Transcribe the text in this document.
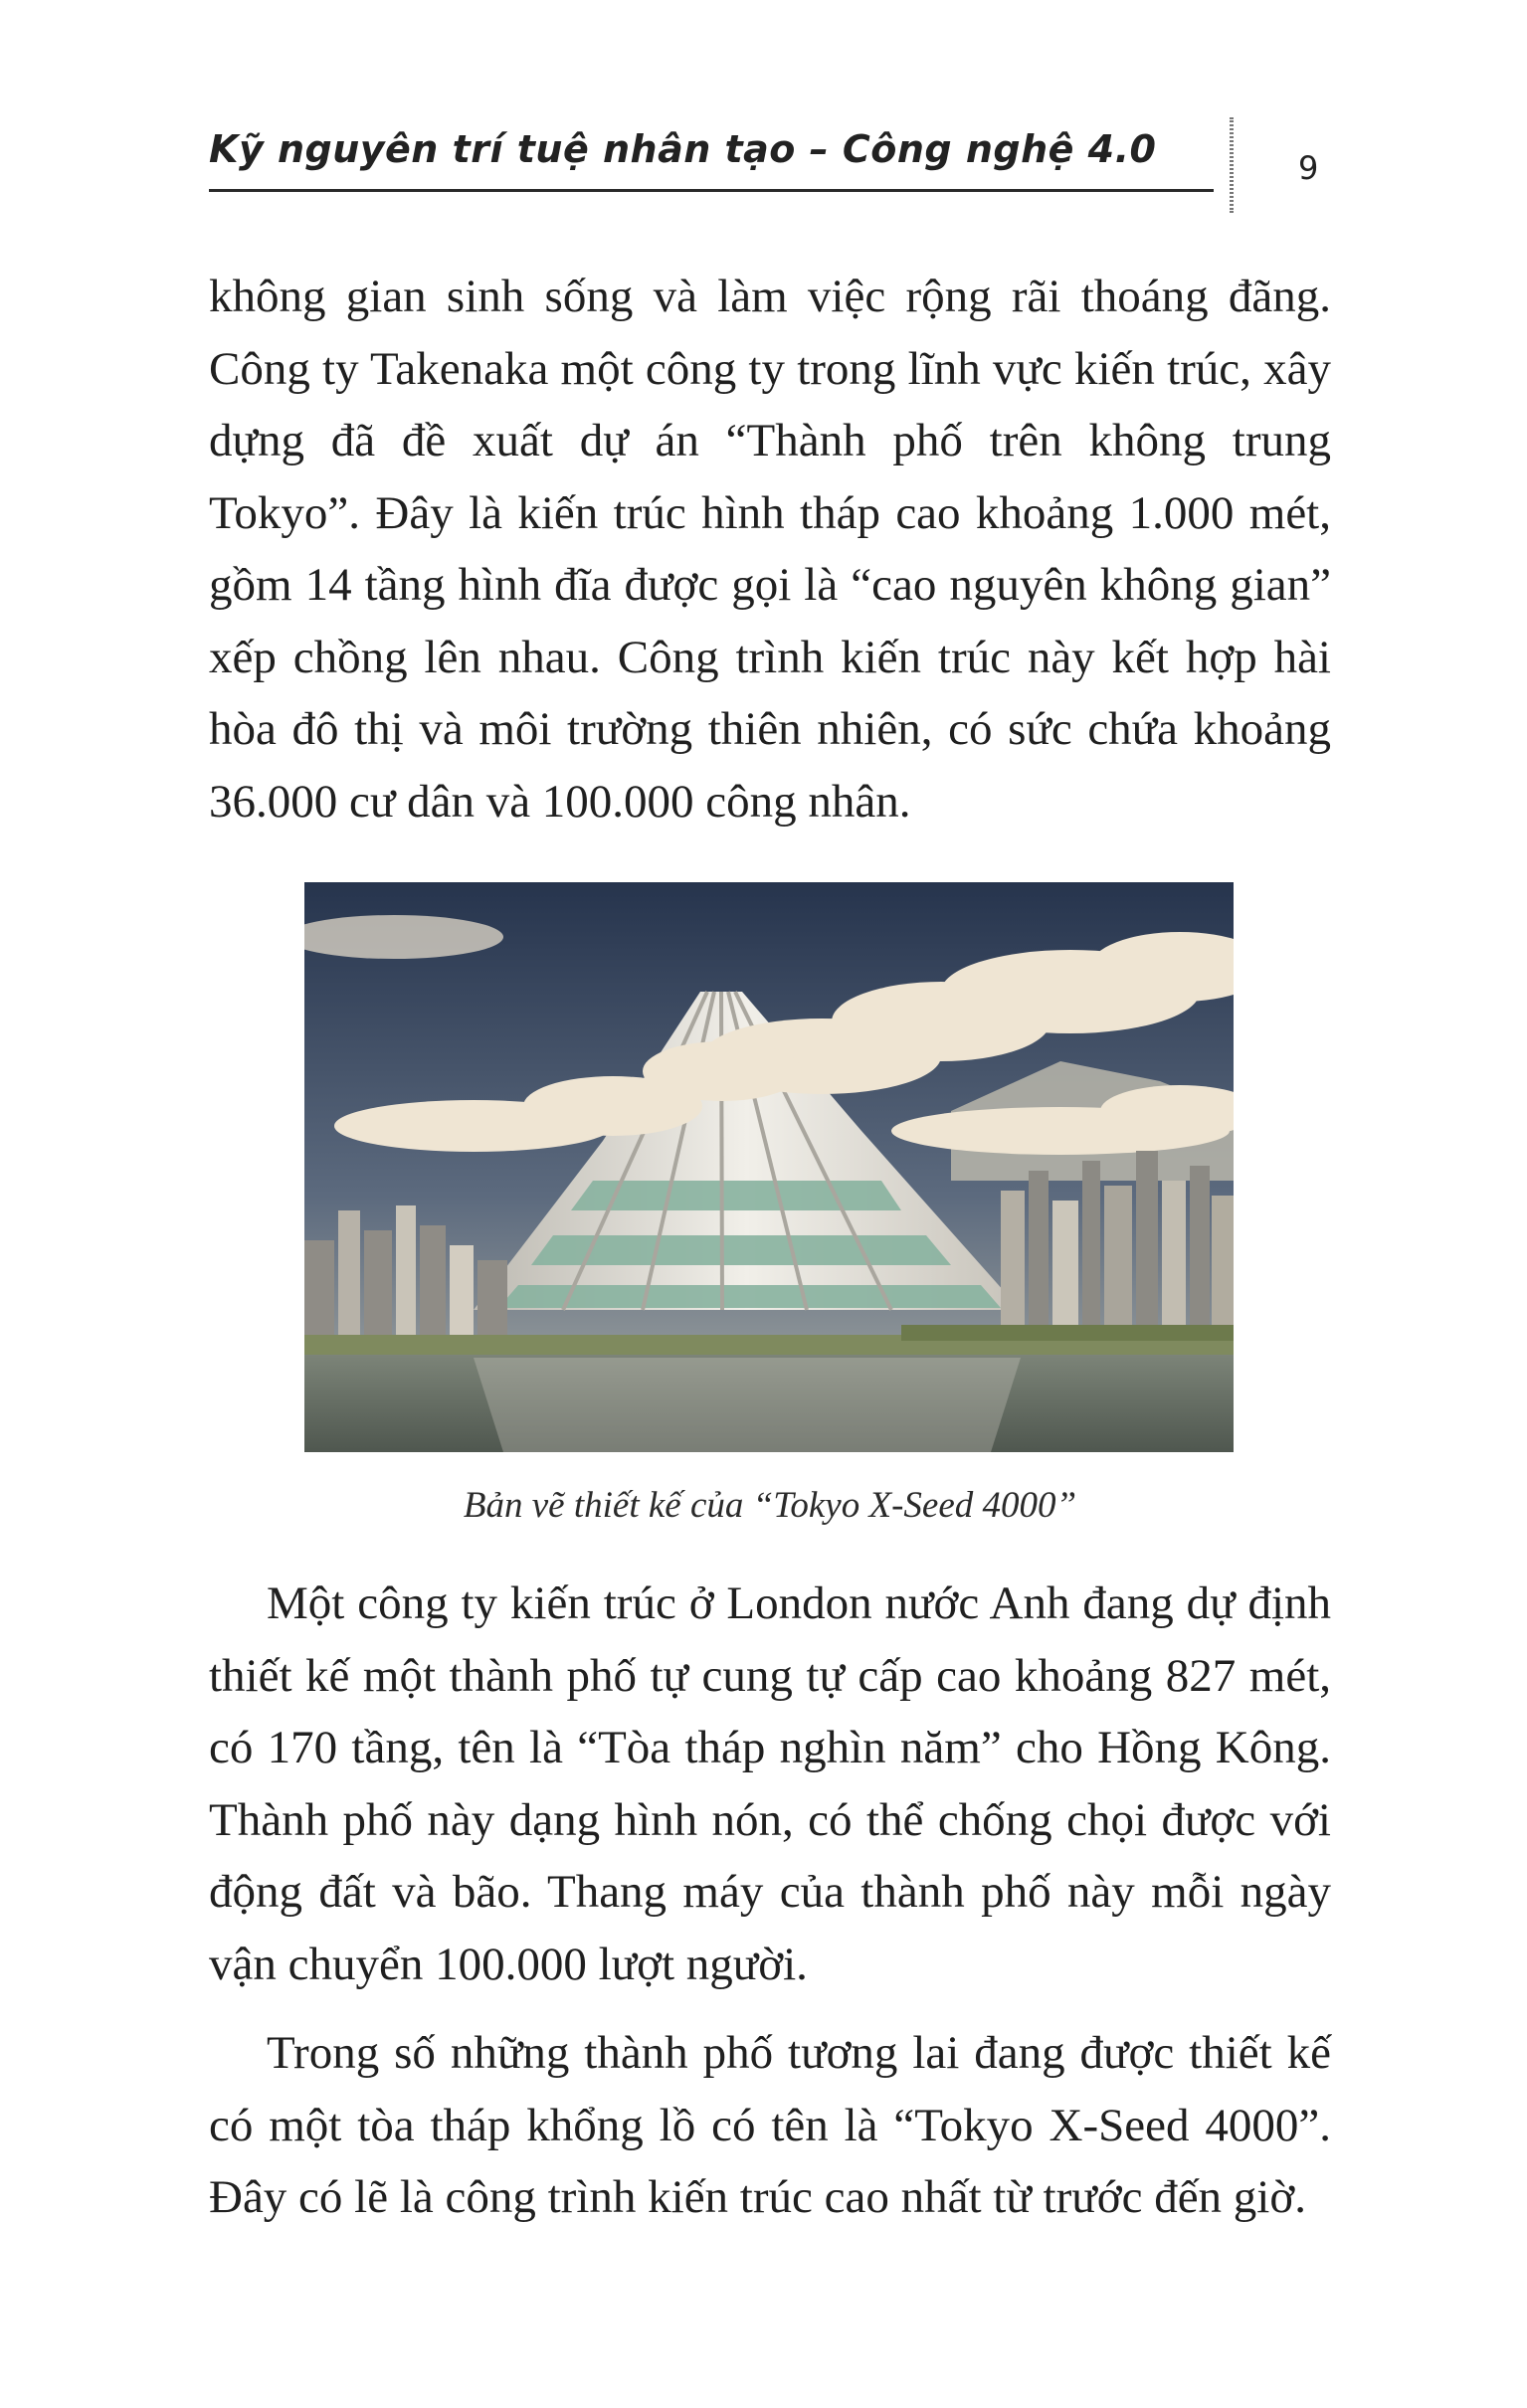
Kỹ nguyên trí tuệ nhân tạo – Công nghệ 4.0	9

không gian sinh sống và làm việc rộng rãi thoáng đãng. Công ty Takenaka một công ty trong lĩnh vực kiến trúc, xây dựng đã đề xuất dự án “Thành phố trên không trung Tokyo”. Đây là kiến trúc hình tháp cao khoảng 1.000 mét, gồm 14 tầng hình đĩa được gọi là “cao nguyên không gian” xếp chồng lên nhau. Công trình kiến trúc này kết hợp hài hòa đô thị và môi trường thiên nhiên, có sức chứa khoảng 36.000 cư dân và 100.000 công nhân.

Bản vẽ thiết kế của “Tokyo X-Seed 4000”

Một công ty kiến trúc ở London nước Anh đang dự định thiết kế một thành phố tự cung tự cấp cao khoảng 827 mét, có 170 tầng, tên là “Tòa tháp nghìn năm” cho Hồng Kông. Thành phố này dạng hình nón, có thể chống chọi được với động đất và bão. Thang máy của thành phố này mỗi ngày vận chuyển 100.000 lượt người.

Trong số những thành phố tương lai đang được thiết kế có một tòa tháp khổng lồ có tên là “Tokyo X-Seed 4000”. Đây có lẽ là công trình kiến trúc cao nhất từ trước đến giờ.
